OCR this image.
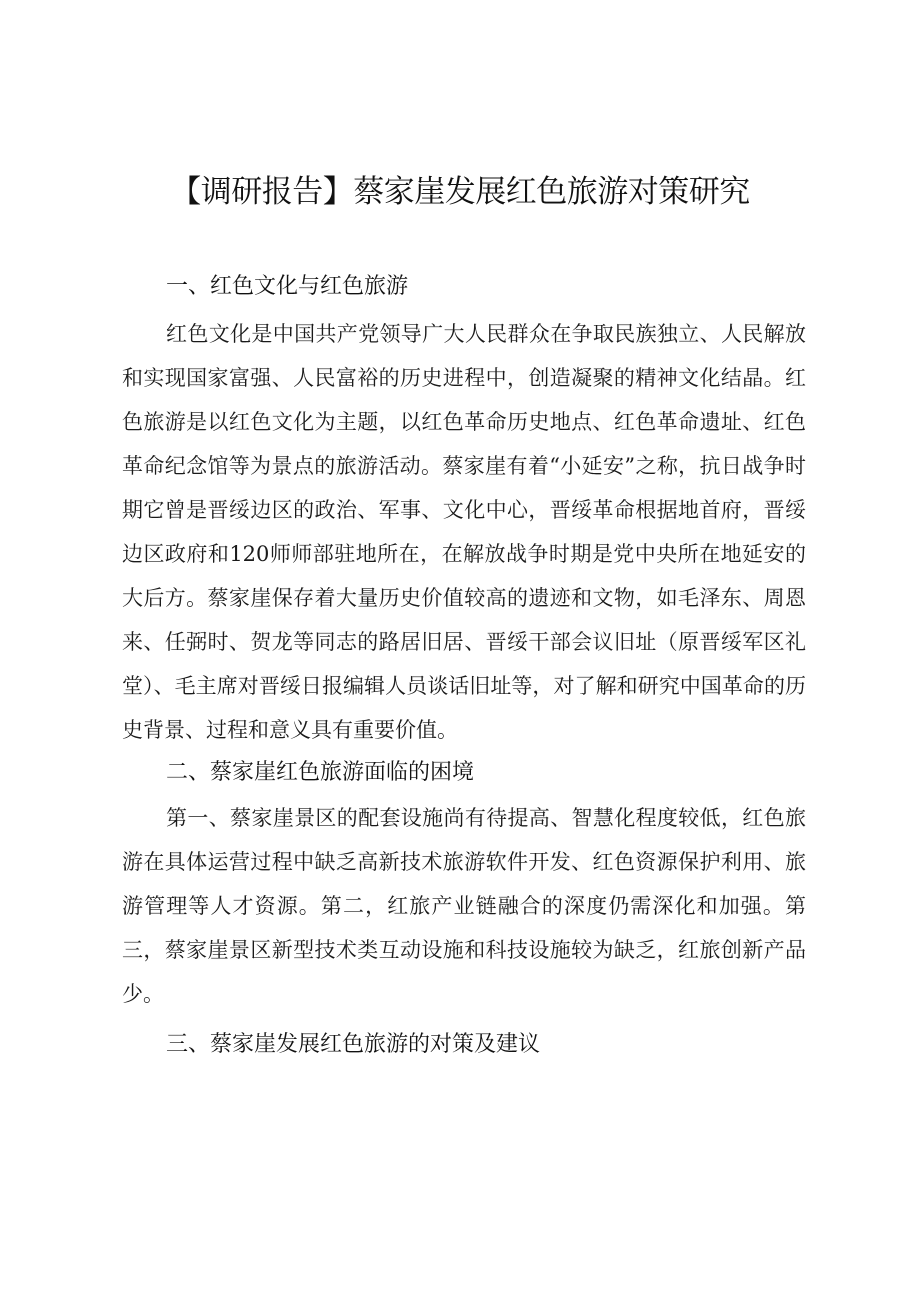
【调研报告】蔡家崖发展红色旅游对策研究
一、红色文化与红色旅游

红色文化是中国共产党领导广大人民群众在争取民族独立、人民解放和实现国家富强、人民富裕的历史进程中，创造凝聚的精神文化结晶。红色旅游是以红色文化为主题，以红色革命历史地点、红色革命遗址、红色革命纪念馆等为景点的旅游活动。蔡家崖有着“小延安”之称，抗日战争时期它曾是晋绥边区的政治、军事、文化中心，晋绥革命根据地首府，晋绥边区政府和120师师部驻地所在，在解放战争时期是党中央所在地延安的大后方。蔡家崖保存着大量历史价值较高的遗迹和文物，如毛泽东、周恩来、任弼时、贺龙等同志的路居旧居、晋绥干部会议旧址（原晋绥军区礼堂）、毛主席对晋绥日报编辑人员谈话旧址等，对了解和研究中国革命的历史背景、过程和意义具有重要价值。

二、蔡家崖红色旅游面临的困境

第一、蔡家崖景区的配套设施尚有待提高、智慧化程度较低，红色旅游在具体运营过程中缺乏高新技术旅游软件开发、红色资源保护利用、旅游管理等人才资源。第二，红旅产业链融合的深度仍需深化和加强。第三，蔡家崖景区新型技术类互动设施和科技设施较为缺乏，红旅创新产品少。

三、蔡家崖发展红色旅游的对策及建议
